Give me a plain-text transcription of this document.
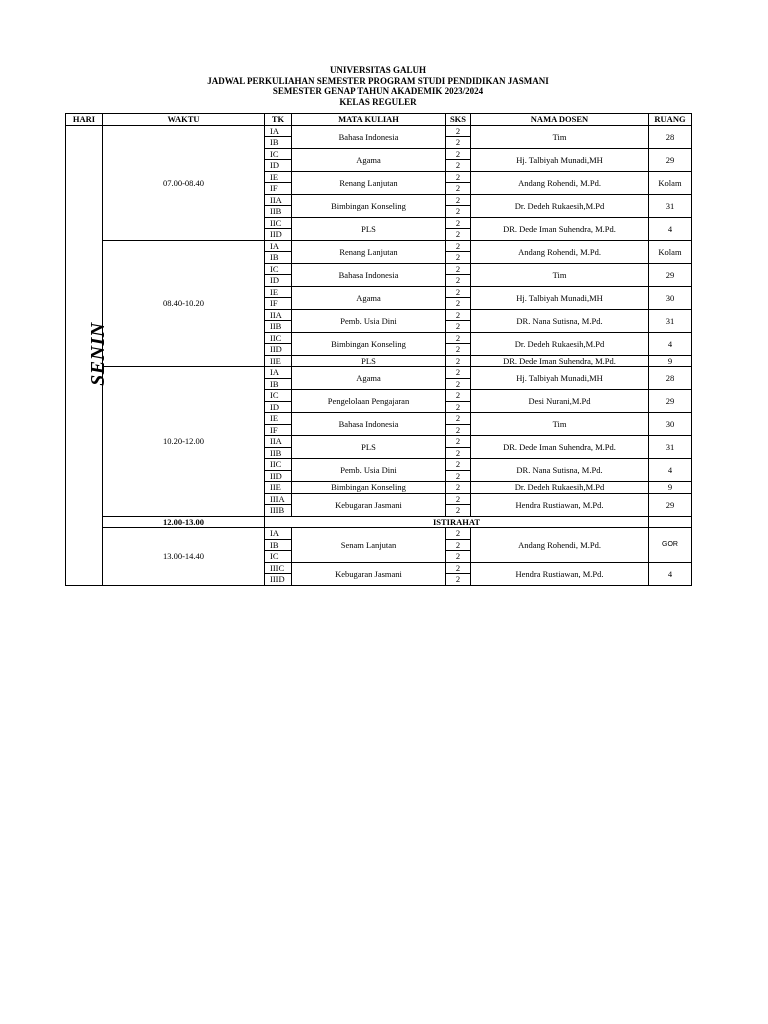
UNIVERSITAS GALUH
JADWAL PERKULIAHAN SEMESTER PROGRAM STUDI PENDIDIKAN JASMANI
SEMESTER GENAP TAHUN AKADEMIK 2023/2024
KELAS REGULER
HARI	WAKTU	TK	MATA KULIAH	SKS	NAMA DOSEN	RUANG	
SENIN	07.00-08.40	IA	Bahasa Indonesia	2	Tim	28	
		IB		2			
		IC	Agama	2	Hj. Talbiyah Munadi,MH	29	
		ID		2			
		IE	Renang Lanjutan	2	Andang Rohendi, M.Pd.	Kolam	
		IF		2			
		IIA	Bimbingan Konseling	2	Dr. Dedeh Rukaesih,M.Pd	31	
		IIB		2			
		IIC	PLS	2	DR. Dede Iman Suhendra, M.Pd.	4	
		IID		2			
	08.40-10.20	IA	Renang Lanjutan	2	Andang Rohendi, M.Pd.	Kolam	
		IB		2			
		IC	Bahasa Indonesia	2	Tim	29	
		ID		2			
		IE	Agama	2	Hj. Talbiyah Munadi,MH	30	
		IF		2			
		IIA	Pemb. Usia Dini	2	DR. Nana Sutisna, M.Pd.	31	
		IIB		2			
		IIC	Bimbingan Konseling	2	Dr. Dedeh Rukaesih,M.Pd	4	
		IID		2			
		IIE	PLS	2	DR. Dede Iman Suhendra, M.Pd.	9	
	10.20-12.00	IA	Agama	2	Hj. Talbiyah Munadi,MH	28	
		IB		2			
		IC	Pengelolaan Pengajaran	2	Desi Nurani,M.Pd	29	
		ID		2			
		IE	Bahasa Indonesia	2	Tim	30	
		IF		2			
		IIA	PLS	2	DR. Dede Iman Suhendra, M.Pd.	31	
		IIB		2			
		IIC	Pemb. Usia Dini	2	DR. Nana Sutisna, M.Pd.	4	
		IID		2			
		IIE	Bimbingan Konseling	2	Dr. Dedeh Rukaesih,M.Pd	9	
		IIIA	Kebugaran Jasmani	2	Hendra Rustiawan, M.Pd.	29	
		IIIB		2			
	12.00-13.00	ISTIRAHAT					
	13.00-14.40	IA	Senam Lanjutan	2	Andang Rohendi, M.Pd.	GOR	
		IB		2			
		IC		2			
		IIIC	Kebugaran Jasmani	2	Hendra Rustiawan, M.Pd.	4	
		IIID		2			
